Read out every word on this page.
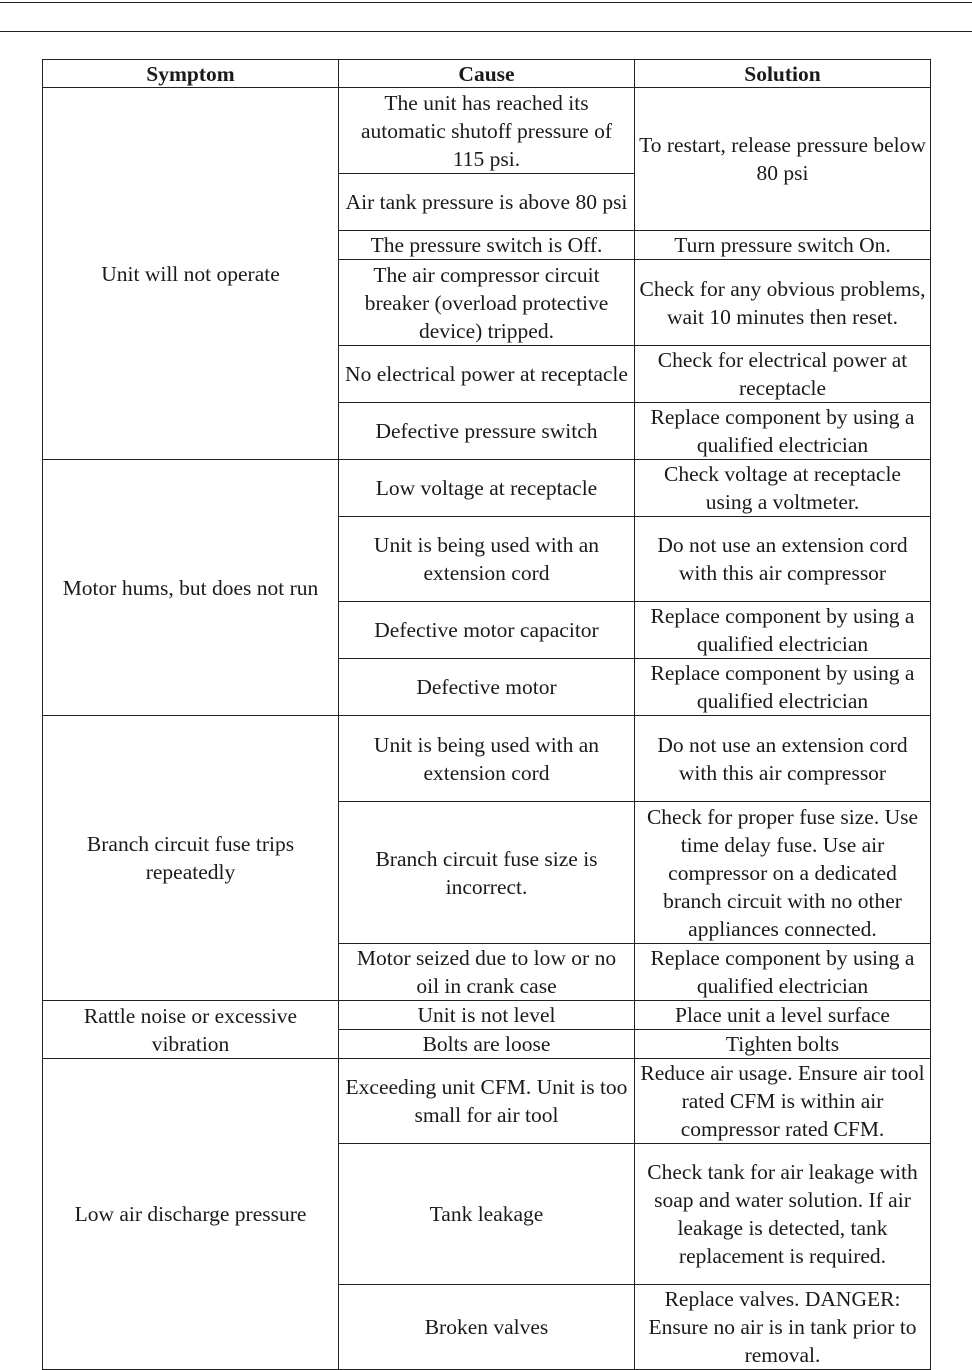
Symptom	Cause	Solution
Unit will not operate	The unit has reached its automatic shutoff pressure of 115 psi.	To restart, release pressure below 80 psi
	Air tank pressure is above 80 psi	
	The pressure switch is Off.	Turn pressure switch On.
	The air compressor circuit breaker (overload protective device) tripped.	Check for any obvious problems, wait 10 minutes then reset.
	No electrical power at receptacle	Check for electrical power at receptacle
	Defective pressure switch	Replace component by using a qualified electrician
Motor hums, but does not run	Low voltage at receptacle	Check voltage at receptacle using a voltmeter.
	Unit is being used with an extension cord	Do not use an extension cord with this air compressor
	Defective motor capacitor	Replace component by using a qualified electrician
	Defective motor	Replace component by using a qualified electrician
Branch circuit fuse trips repeatedly	Unit is being used with an extension cord	Do not use an extension cord with this air compressor
	Branch circuit fuse size is incorrect.	Check for proper fuse size. Use time delay fuse. Use air compressor on a dedicated branch circuit with no other appliances connected.
	Motor seized due to low or no oil in crank case	Replace component by using a qualified electrician
Rattle noise or excessive vibration	Unit is not level	Place unit a level surface
	Bolts are loose	Tighten bolts
Low air discharge pressure	Exceeding unit CFM. Unit is too small for air tool	Reduce air usage. Ensure air tool rated CFM is within air compressor rated CFM.
	Tank leakage	Check tank for air leakage with soap and water solution. If air leakage is detected, tank replacement is required.
	Broken valves	Replace valves. DANGER: Ensure no air is in tank prior to removal.
